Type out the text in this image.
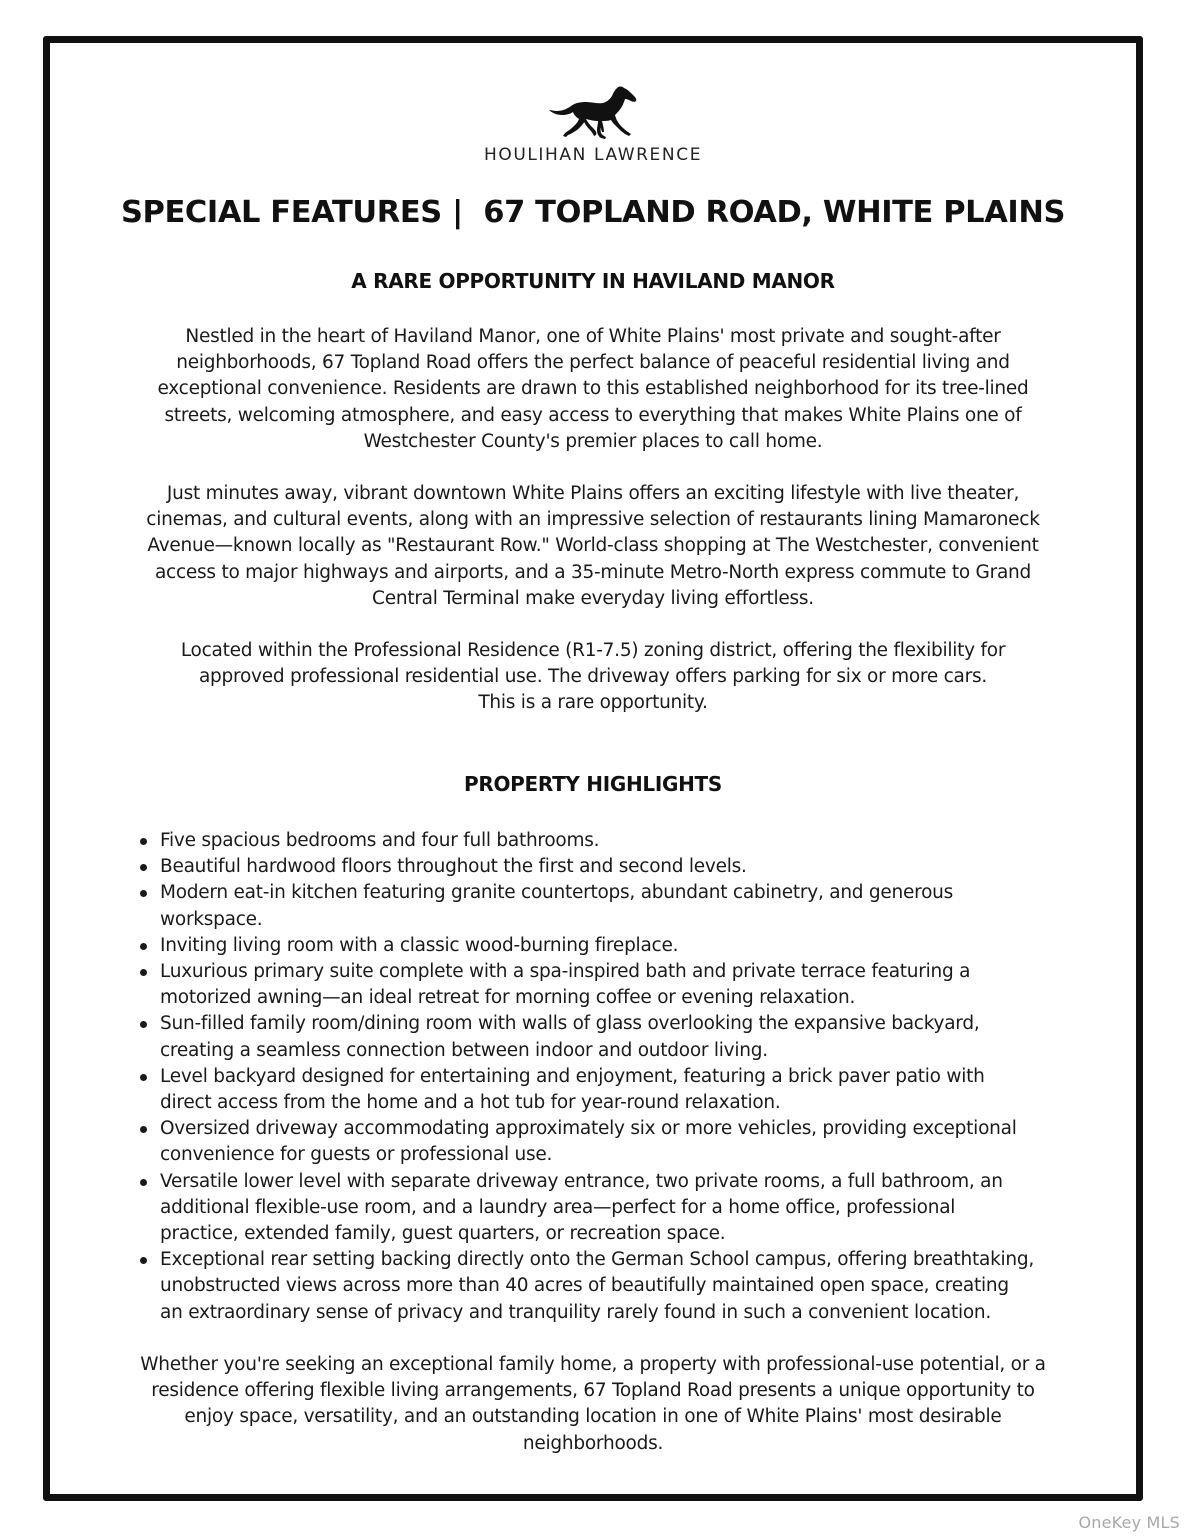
HOULIHAN LAWRENCE
SPECIAL FEATURES |  67 TOPLAND ROAD, WHITE PLAINS
A RARE OPPORTUNITY IN HAVILAND MANOR
Nestled in the heart of Haviland Manor, one of White Plains' most private and sought-after
neighborhoods, 67 Topland Road offers the perfect balance of peaceful residential living and
exceptional convenience. Residents are drawn to this established neighborhood for its tree-lined
streets, welcoming atmosphere, and easy access to everything that makes White Plains one of
Westchester County's premier places to call home.
Just minutes away, vibrant downtown White Plains offers an exciting lifestyle with live theater,
cinemas, and cultural events, along with an impressive selection of restaurants lining Mamaroneck
Avenue—known locally as "Restaurant Row." World-class shopping at The Westchester, convenient
access to major highways and airports, and a 35-minute Metro-North express commute to Grand
Central Terminal make everyday living effortless.
Located within the Professional Residence (R1-7.5) zoning district, offering the flexibility for
approved professional residential use. The driveway offers parking for six or more cars.
This is a rare opportunity.
PROPERTY HIGHLIGHTS
Five spacious bedrooms and four full bathrooms.
Beautiful hardwood floors throughout the first and second levels.
Modern eat-in kitchen featuring granite countertops, abundant cabinetry, and generous
workspace.
Inviting living room with a classic wood-burning fireplace.
Luxurious primary suite complete with a spa-inspired bath and private terrace featuring a
motorized awning—an ideal retreat for morning coffee or evening relaxation.
Sun-filled family room/dining room with walls of glass overlooking the expansive backyard,
creating a seamless connection between indoor and outdoor living.
Level backyard designed for entertaining and enjoyment, featuring a brick paver patio with
direct access from the home and a hot tub for year-round relaxation.
Oversized driveway accommodating approximately six or more vehicles, providing exceptional
convenience for guests or professional use.
Versatile lower level with separate driveway entrance, two private rooms, a full bathroom, an
additional flexible-use room, and a laundry area—perfect for a home office, professional
practice, extended family, guest quarters, or recreation space.
Exceptional rear setting backing directly onto the German School campus, offering breathtaking,
unobstructed views across more than 40 acres of beautifully maintained open space, creating
an extraordinary sense of privacy and tranquility rarely found in such a convenient location.
Whether you're seeking an exceptional family home, a property with professional-use potential, or a
residence offering flexible living arrangements, 67 Topland Road presents a unique opportunity to
enjoy space, versatility, and an outstanding location in one of White Plains' most desirable
neighborhoods.
OneKey MLS
